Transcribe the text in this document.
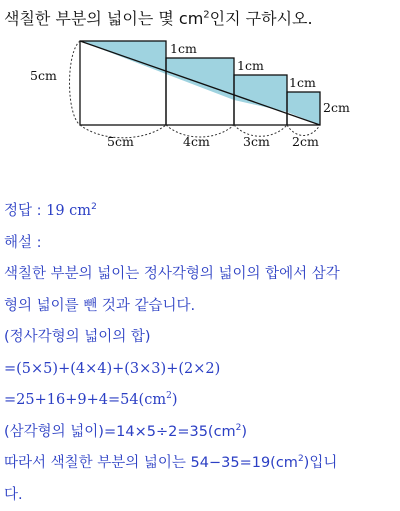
색칠한 부분의 넓이는 몇 $cm^2$인지 구하시오.

5cm
1cm
1cm
1cm
2cm
5cm	4cm	3cm 2cm
정답 : 19 $cm^2$
해설 :
색칠한 부분의 넓이는 정사각형의 넓이의 합에서 삼각
형의 넓이를 뺀 것과 같습니다.
(정사각형의 넓이의 합)
=(5×5)+(4×4)+(3×3)+(2×2)
$=25+16+9+4=54(cm^2)$
(삼각형의 넓이)$=14\times 5\div 2=35(cm^2)$
따라서 색칠한 부분의 넓이는 $54-35=19(cm^2)$입니
다.
